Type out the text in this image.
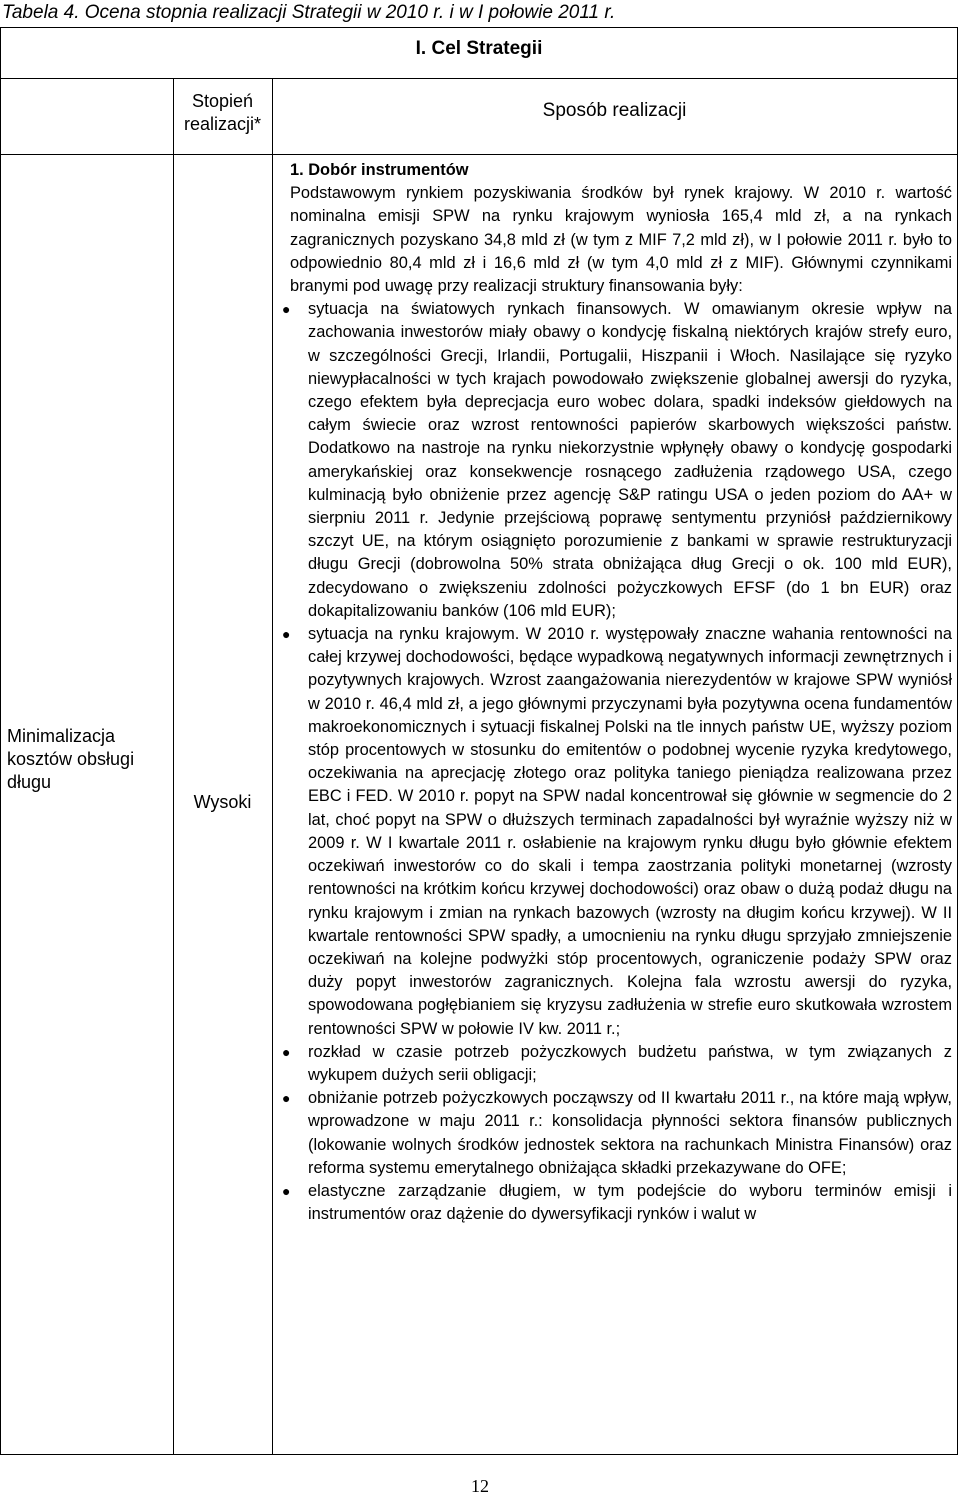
Tabela 4. Ocena stopnia realizacji Strategii w 2010 r. i w I połowie 2011 r.
I. Cel Strategii
Stopień realizacji*
Sposób realizacji
Minimalizacja kosztów obsługi długu
Wysoki

1. Dobór instrumentów

Podstawowym rynkiem pozyskiwania środków był rynek krajowy. W 2010 r. wartość nominalna emisji SPW na rynku krajowym wyniosła 165,4 mld zł, a na rynkach zagranicznych pozyskano 34,8 mld zł (w tym z MIF 7,2 mld zł), w I połowie 2011 r. było to odpowiednio 80,4 mld zł i 16,6 mld zł (w tym 4,0 mld zł z MIF). Głównymi czynnikami branymi pod uwagę przy realizacji struktury finansowania były:

● sytuacja na światowych rynkach finansowych. W omawianym okresie wpływ na zachowania inwestorów miały obawy o kondycję fiskalną niektórych krajów strefy euro, w szczególności Grecji, Irlandii, Portugalii, Hiszpanii i Włoch. Nasilające się ryzyko niewypłacalności w tych krajach powodowało zwiększenie globalnej awersji do ryzyka, czego efektem była deprecjacja euro wobec dolara, spadki indeksów giełdowych na całym świecie oraz wzrost rentowności papierów skarbowych większości państw. Dodatkowo na nastroje na rynku niekorzystnie wpłynęły obawy o kondycję gospodarki amerykańskiej oraz konsekwencje rosnącego zadłużenia rządowego USA, czego kulminacją było obniżenie przez agencję S&P ratingu USA o jeden poziom do AA+ w sierpniu 2011 r. Jedynie przejściową poprawę sentymentu przyniósł październikowy szczyt UE, na którym osiągnięto porozumienie z bankami w sprawie restrukturyzacji długu Grecji (dobrowolna 50% strata obniżająca dług Grecji o ok. 100 mld EUR), zdecydowano o zwiększeniu zdolności pożyczkowych EFSF (do 1 bn EUR) oraz dokapitalizowaniu banków (106 mld EUR);
● sytuacja na rynku krajowym. W 2010 r. występowały znaczne wahania rentowności na całej krzywej dochodowości, będące wypadkową negatywnych informacji zewnętrznych i pozytywnych krajowych. Wzrost zaangażowania nierezydentów w krajowe SPW wyniósł w 2010 r. 46,4 mld zł, a jego głównymi przyczynami była pozytywna ocena fundamentów makroekonomicznych i sytuacji fiskalnej Polski na tle innych państw UE, wyższy poziom stóp procentowych w stosunku do emitentów o podobnej wycenie ryzyka kredytowego, oczekiwania na aprecjację złotego oraz polityka taniego pieniądza realizowana przez EBC i FED. W 2010 r. popyt na SPW nadal koncentrował się głównie w segmencie do 2 lat, choć popyt na SPW o dłuższych terminach zapadalności był wyraźnie wyższy niż w 2009 r. W I kwartale 2011 r. osłabienie na krajowym rynku długu było głównie efektem oczekiwań inwestorów co do skali i tempa zaostrzania polityki monetarnej (wzrosty rentowności na krótkim końcu krzywej dochodowości) oraz obaw o dużą podaż długu na rynku krajowym i zmian na rynkach bazowych (wzrosty na długim końcu krzywej). W II kwartale rentowności SPW spadły, a umocnieniu na rynku długu sprzyjało zmniejszenie oczekiwań na kolejne podwyżki stóp procentowych, ograniczenie podaży SPW oraz duży popyt inwestorów zagranicznych. Kolejna fala wzrostu awersji do ryzyka, spowodowana pogłębianiem się kryzysu zadłużenia w strefie euro skutkowała wzrostem rentowności SPW w połowie IV kw. 2011 r.;
● rozkład w czasie potrzeb pożyczkowych budżetu państwa, w tym związanych z wykupem dużych serii obligacji;
● obniżanie potrzeb pożyczkowych począwszy od II kwartału 2011 r., na które mają wpływ, wprowadzone w maju 2011 r.: konsolidacja płynności sektora finansów publicznych (lokowanie wolnych środków jednostek sektora na rachunkach Ministra Finansów) oraz reforma systemu emerytalnego obniżająca składki przekazywane do OFE;
● elastyczne zarządzanie długiem, w tym podejście do wyboru terminów emisji i instrumentów oraz dążenie do dywersyfikacji rynków i walut w
12
